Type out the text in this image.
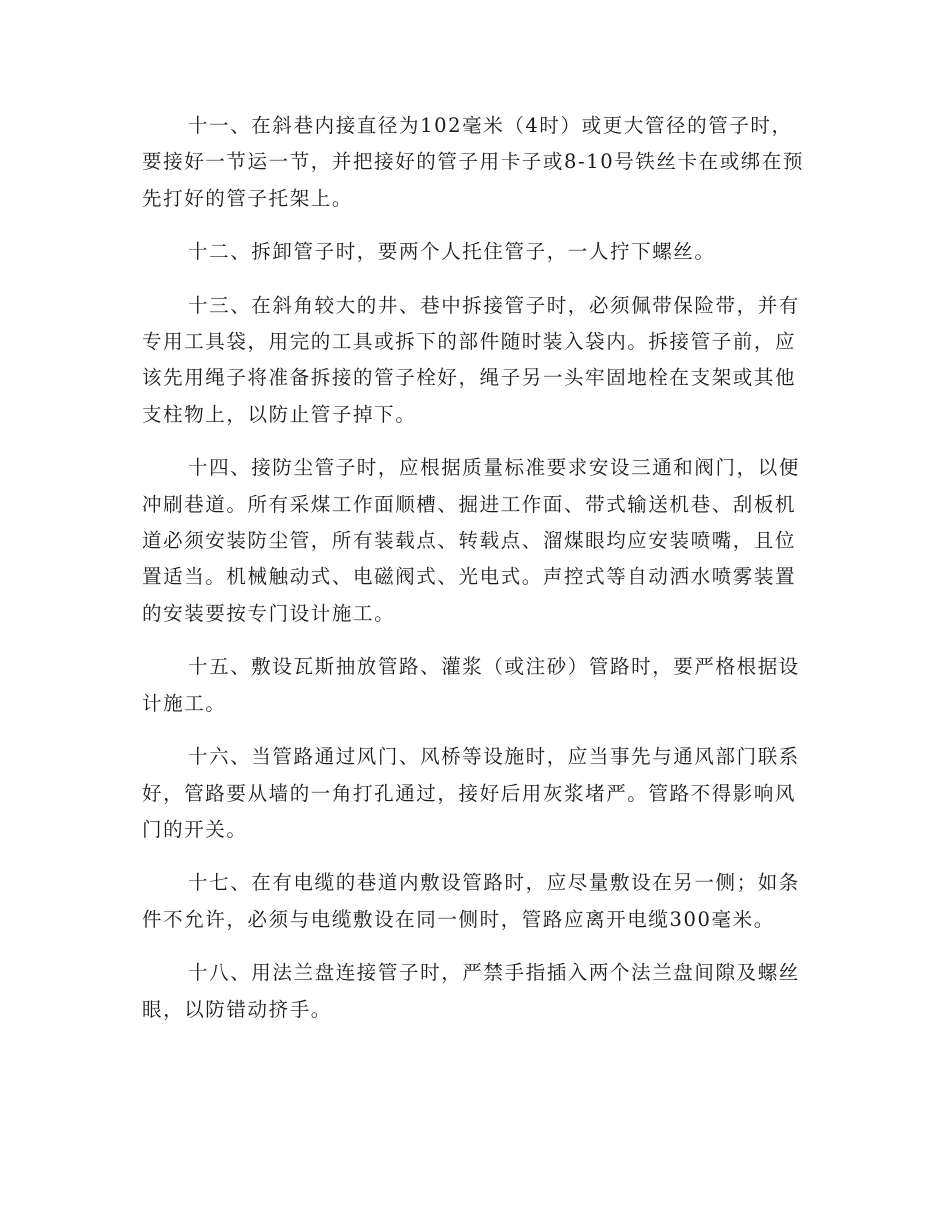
十一、在斜巷内接直径为102毫米（4时）或更大管径的管子时，要接好一节运一节，并把接好的管子用卡子或8-10号铁丝卡在或绑在预先打好的管子托架上。

十二、拆卸管子时，要两个人托住管子，一人拧下螺丝。

十三、在斜角较大的井、巷中拆接管子时，必须佩带保险带，并有专用工具袋，用完的工具或拆下的部件随时装入袋内。拆接管子前，应该先用绳子将准备拆接的管子栓好，绳子另一头牢固地栓在支架或其他支柱物上，以防止管子掉下。

十四、接防尘管子时，应根据质量标准要求安设三通和阀门，以便冲刷巷道。所有采煤工作面顺槽、掘进工作面、带式输送机巷、刮板机道必须安装防尘管，所有装载点、转载点、溜煤眼均应安装喷嘴，且位置适当。机械触动式、电磁阀式、光电式。声控式等自动洒水喷雾装置的安装要按专门设计施工。

十五、敷设瓦斯抽放管路、灌浆（或注砂）管路时，要严格根据设计施工。

十六、当管路通过风门、风桥等设施时，应当事先与通风部门联系好，管路要从墙的一角打孔通过，接好后用灰浆堵严。管路不得影响风门的开关。

十七、在有电缆的巷道内敷设管路时，应尽量敷设在另一侧；如条件不允许，必须与电缆敷设在同一侧时，管路应离开电缆300毫米。

十八、用法兰盘连接管子时，严禁手指插入两个法兰盘间隙及螺丝眼，以防错动挤手。
